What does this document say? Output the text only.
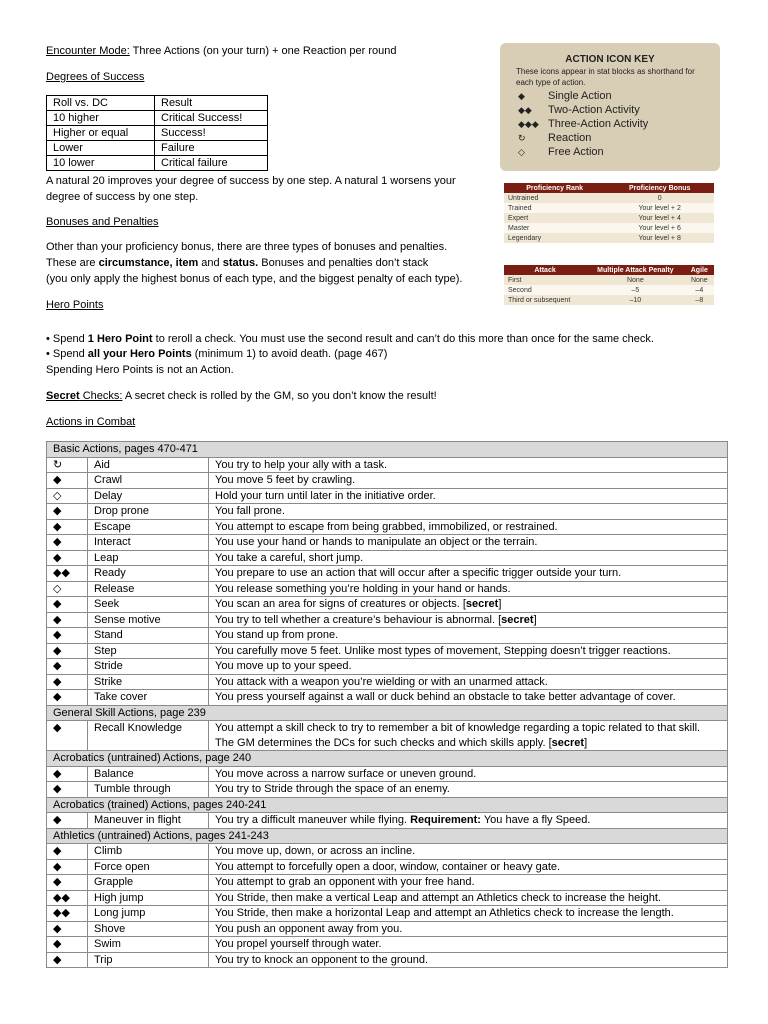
Encounter Mode: Three Actions (on your turn) + one Reaction per round
Degrees of Success
Roll vs. DC	Result
10 higher	Critical Success!
Higher or equal	Success!
Lower	Failure
10 lower	Critical failure
A natural 20 improves your degree of success by one step. A natural 1 worsens your
degree of success by one step.
Bonuses and Penalties
Other than your proficiency bonus, there are three types of bonuses and penalties.
These are circumstance, item and status. Bonuses and penalties don’t stack
(you only apply the highest bonus of each type, and the biggest penalty of each type).
Hero Points
• Spend 1 Hero Point to reroll a check. You must use the second result and can’t do this more than once for the same check.
• Spend all your Hero Points (minimum 1) to avoid death. (page 467)
Spending Hero Points is not an Action.
Secret Checks: A secret check is rolled by the GM, so you don’t know the result!
Actions in Combat
ACTION ICON KEY
These icons appear in stat blocks as shorthand for each type of action.
◆ Single Action
◆◆ Two-Action Activity
◆◆◆ Three-Action Activity
↻ Reaction
◇ Free Action
Proficiency Rank	Proficiency Bonus
Untrained	0
Trained	Your level + 2
Expert	Your level + 4
Master	Your level + 6
Legendary	Your level + 8
Attack	Multiple Attack Penalty	Agile
First	None	None
Second	–5	–4
Third or subsequent	–10	–8
Basic Actions, pages 470-471		
↻	Aid	You try to help your ally with a task.
◆	Crawl	You move 5 feet by crawling.
◇	Delay	Hold your turn until later in the initiative order.
◆	Drop prone	You fall prone.
◆	Escape	You attempt to escape from being grabbed, immobilized, or restrained.
◆	Interact	You use your hand or hands to manipulate an object or the terrain.
◆	Leap	You take a careful, short jump.
◆◆	Ready	You prepare to use an action that will occur after a specific trigger outside your turn.
◇	Release	You release something you’re holding in your hand or hands.
◆	Seek	You scan an area for signs of creatures or objects. [secret]
◆	Sense motive	You try to tell whether a creature’s behaviour is abnormal. [secret]
◆	Stand	You stand up from prone.
◆	Step	You carefully move 5 feet. Unlike most types of movement, Stepping doesn’t trigger reactions.
◆	Stride	You move up to your speed.
◆	Strike	You attack with a weapon you’re wielding or with an unarmed attack.
◆	Take cover	You press yourself against a wall or duck behind an obstacle to take better advantage of cover.
General Skill Actions, page 239		
◆	Recall Knowledge	You attempt a skill check to try to remember a bit of knowledge regarding a topic related to that skill. The GM determines the DCs for such checks and which skills apply. [secret]
Acrobatics (untrained) Actions, page 240		
◆	Balance	You move across a narrow surface or uneven ground.
◆	Tumble through	You try to Stride through the space of an enemy.
Acrobatics (trained) Actions, pages 240-241		
◆	Maneuver in flight	You try a difficult maneuver while flying. Requirement: You have a fly Speed.
Athletics (untrained) Actions, pages 241-243		
◆	Climb	You move up, down, or across an incline.
◆	Force open	You attempt to forcefully open a door, window, container or heavy gate.
◆	Grapple	You attempt to grab an opponent with your free hand.
◆◆	High jump	You Stride, then make a vertical Leap and attempt an Athletics check to increase the height.
◆◆	Long jump	You Stride, then make a horizontal Leap and attempt an Athletics check to increase the length.
◆	Shove	You push an opponent away from you.
◆	Swim	You propel yourself through water.
◆	Trip	You try to knock an opponent to the ground.
